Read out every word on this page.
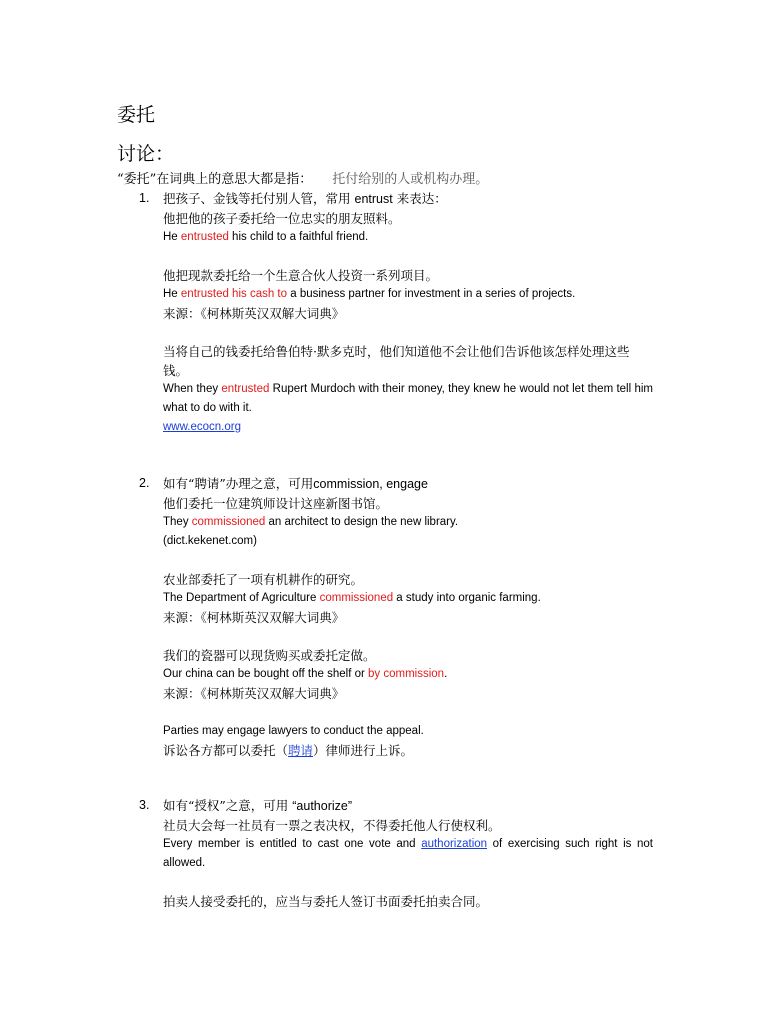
委托
讨论：
“委托”在词典上的意思大都是指： 托付给别的人或机构办理。
1. 把孩子、金钱等托付别人管，常用 entrust 来表达：

他把他的孩子委托给一位忠实的朋友照料。

He entrusted his child to a faithful friend.

他把现款委托给一个生意合伙人投资一系列项目。

He entrusted his cash to a business partner for investment in a series of projects.

来源：《柯林斯英汉双解大词典》

当将自己的钱委托给鲁伯特·默多克时，他们知道他不会让他们告诉他该怎样处理这些钱。

When they entrusted Rupert Murdoch with their money, they knew he would not let them tell him what to do with it.

www.ecocn.org

2. 如有“聘请”办理之意，可用commission, engage

他们委托一位建筑师设计这座新图书馆。

They commissioned an architect to design the new library.

(dict.kekenet.com)

农业部委托了一项有机耕作的研究。

The Department of Agriculture commissioned a study into organic farming.

来源：《柯林斯英汉双解大词典》

我们的瓷器可以现货购买或委托定做。

Our china can be bought off the shelf or by commission.

来源：《柯林斯英汉双解大词典》

Parties may engage lawyers to conduct the appeal.

诉讼各方都可以委托（聘请）律师进行上诉。

3. 如有“授权”之意，可用 “authorize”

社员大会每一社员有一票之表决权，不得委托他人行使权利。

Every member is entitled to cast one vote and authorization of exercising such right is not allowed.

拍卖人接受委托的，应当与委托人签订书面委托拍卖合同。
